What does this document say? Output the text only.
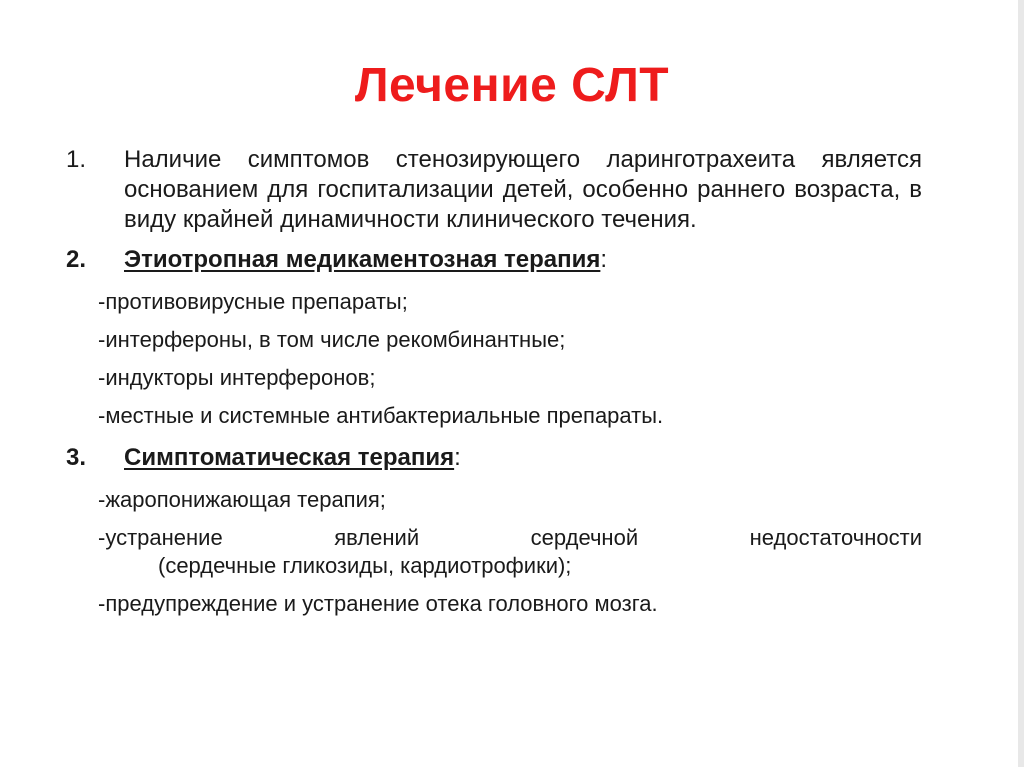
Лечение СЛТ
1.	Наличие симптомов стенозирующего ларинготрахеита является основанием для госпитализации детей, особенно раннего возраста, в виду крайней динамичности клинического течения.
2.	Этиотропная медикаментозная терапия:
-противовирусные препараты;
-интерфероны, в том числе рекомбинантные;
-индукторы интерферонов;
-местные и системные антибактериальные препараты.
3.	Симптоматическая терапия:
-жаропонижающая терапия;
-устранение явлений сердечной недостаточности
(сердечные гликозиды, кардиотрофики);
-предупреждение и устранение отека головного мозга.
